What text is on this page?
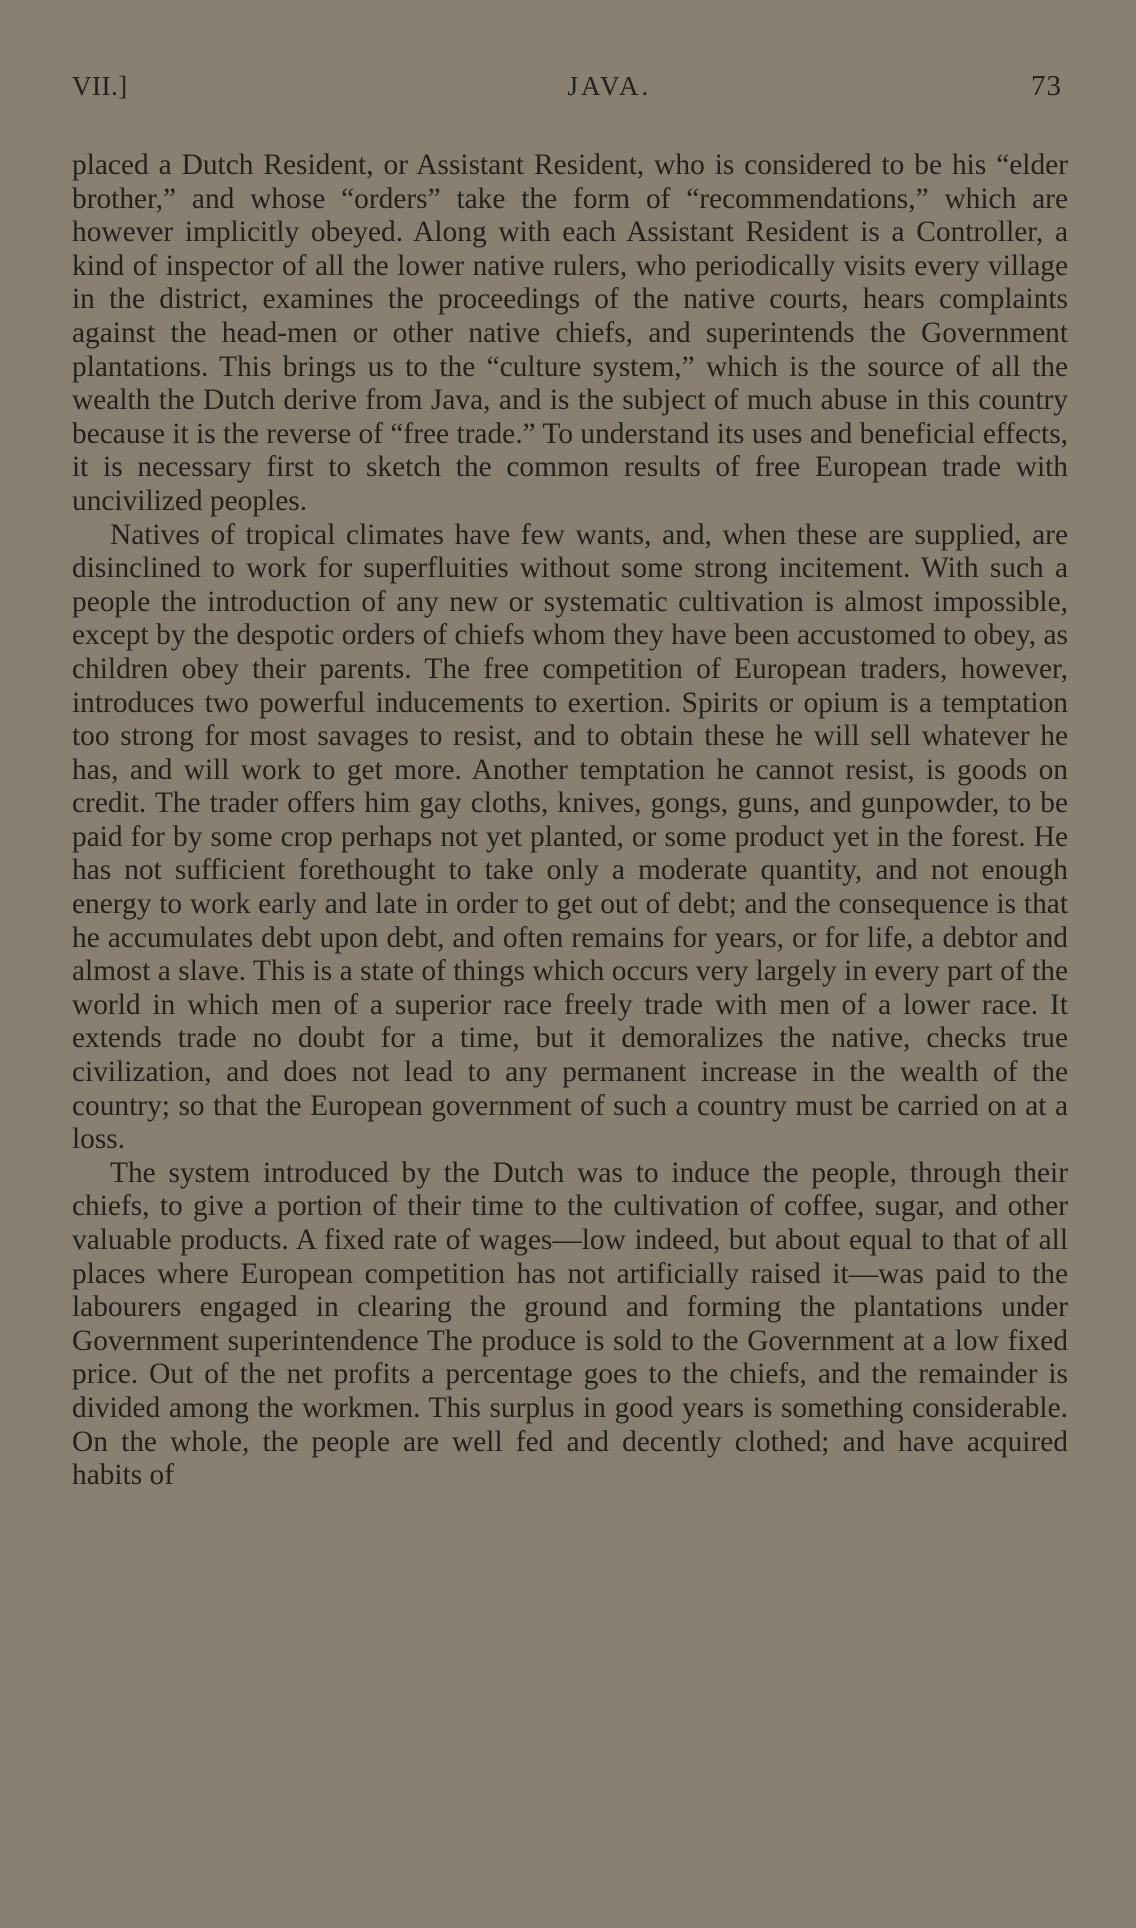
VII.]	JAVA.	73

placed a Dutch Resident, or Assistant Resident, who is considered to be his “elder brother,” and whose “orders” take the form of “recommendations,” which are however implicitly obeyed. Along with each Assistant Resident is a Controller, a kind of inspector of all the lower native rulers, who periodically visits every village in the district, examines the proceedings of the native courts, hears complaints against the head-men or other native chiefs, and superintends the Government plantations. This brings us to the “culture system,” which is the source of all the wealth the Dutch derive from Java, and is the subject of much abuse in this country because it is the reverse of “free trade.” To understand its uses and beneficial effects, it is necessary first to sketch the common results of free European trade with uncivilized peoples.

Natives of tropical climates have few wants, and, when these are supplied, are disinclined to work for superfluities without some strong incitement. With such a people the introduction of any new or systematic cultivation is almost impossible, except by the despotic orders of chiefs whom they have been accustomed to obey, as children obey their parents. The free competition of European traders, however, introduces two powerful inducements to exertion. Spirits or opium is a temptation too strong for most savages to resist, and to obtain these he will sell whatever he has, and will work to get more. Another temptation he cannot resist, is goods on credit. The trader offers him gay cloths, knives, gongs, guns, and gunpowder, to be paid for by some crop perhaps not yet planted, or some product yet in the forest. He has not sufficient forethought to take only a moderate quantity, and not enough energy to work early and late in order to get out of debt; and the consequence is that he accumulates debt upon debt, and often remains for years, or for life, a debtor and almost a slave. This is a state of things which occurs very largely in every part of the world in which men of a superior race freely trade with men of a lower race. It extends trade no doubt for a time, but it demoralizes the native, checks true civilization, and does not lead to any permanent increase in the wealth of the country; so that the European government of such a country must be carried on at a loss.

The system introduced by the Dutch was to induce the people, through their chiefs, to give a portion of their time to the cultivation of coffee, sugar, and other valuable products. A fixed rate of wages—low indeed, but about equal to that of all places where European competition has not artificially raised it—was paid to the labourers engaged in clearing the ground and forming the plantations under Government superintendence The produce is sold to the Government at a low fixed price. Out of the net profits a percentage goes to the chiefs, and the remainder is divided among the workmen. This surplus in good years is something considerable. On the whole, the people are well fed and decently clothed; and have acquired habits of
